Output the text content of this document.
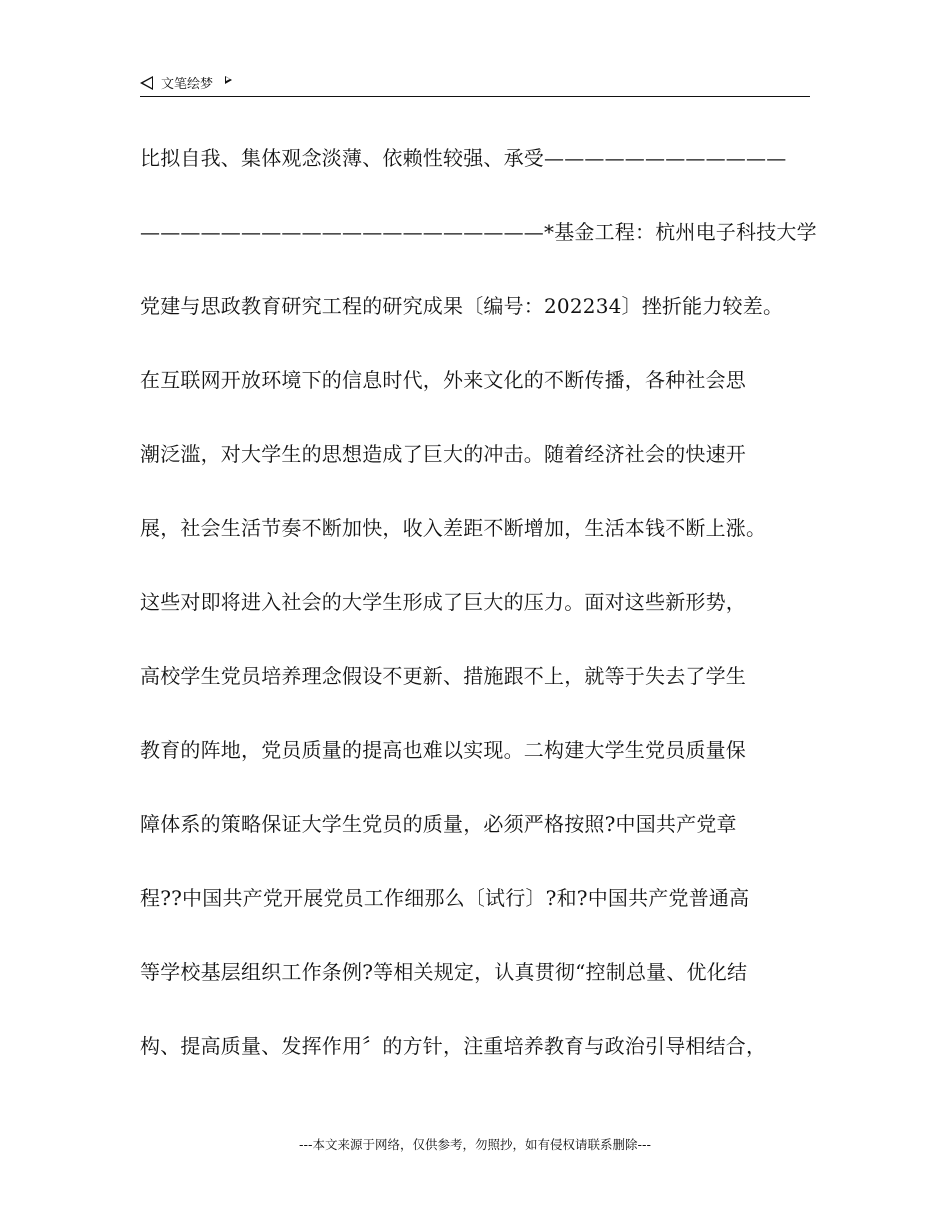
文笔绘梦
比拟自我、集体观念淡薄、依赖性较强、承受————————————
————————————————————*基金工程：杭州电子科技大学
党建与思政教育研究工程的研究成果〔编号：202234〕挫折能力较差。
在互联网开放环境下的信息时代，外来文化的不断传播，各种社会思
潮泛滥，对大学生的思想造成了巨大的冲击。随着经济社会的快速开
展，社会生活节奏不断加快，收入差距不断增加，生活本钱不断上涨。
这些对即将进入社会的大学生形成了巨大的压力。面对这些新形势，
高校学生党员培养理念假设不更新、措施跟不上，就等于失去了学生
教育的阵地，党员质量的提高也难以实现。二构建大学生党员质量保
障体系的策略保证大学生党员的质量，必须严格按照?中国共产党章
程??中国共产党开展党员工作细那么〔试行〕?和?中国共产党普通高
等学校基层组织工作条例?等相关规定，认真贯彻“控制总量、优化结
构、提高质量、发挥作用〞的方针，注重培养教育与政治引导相结合，
---本文来源于网络，仅供参考，勿照抄，如有侵权请联系删除---
